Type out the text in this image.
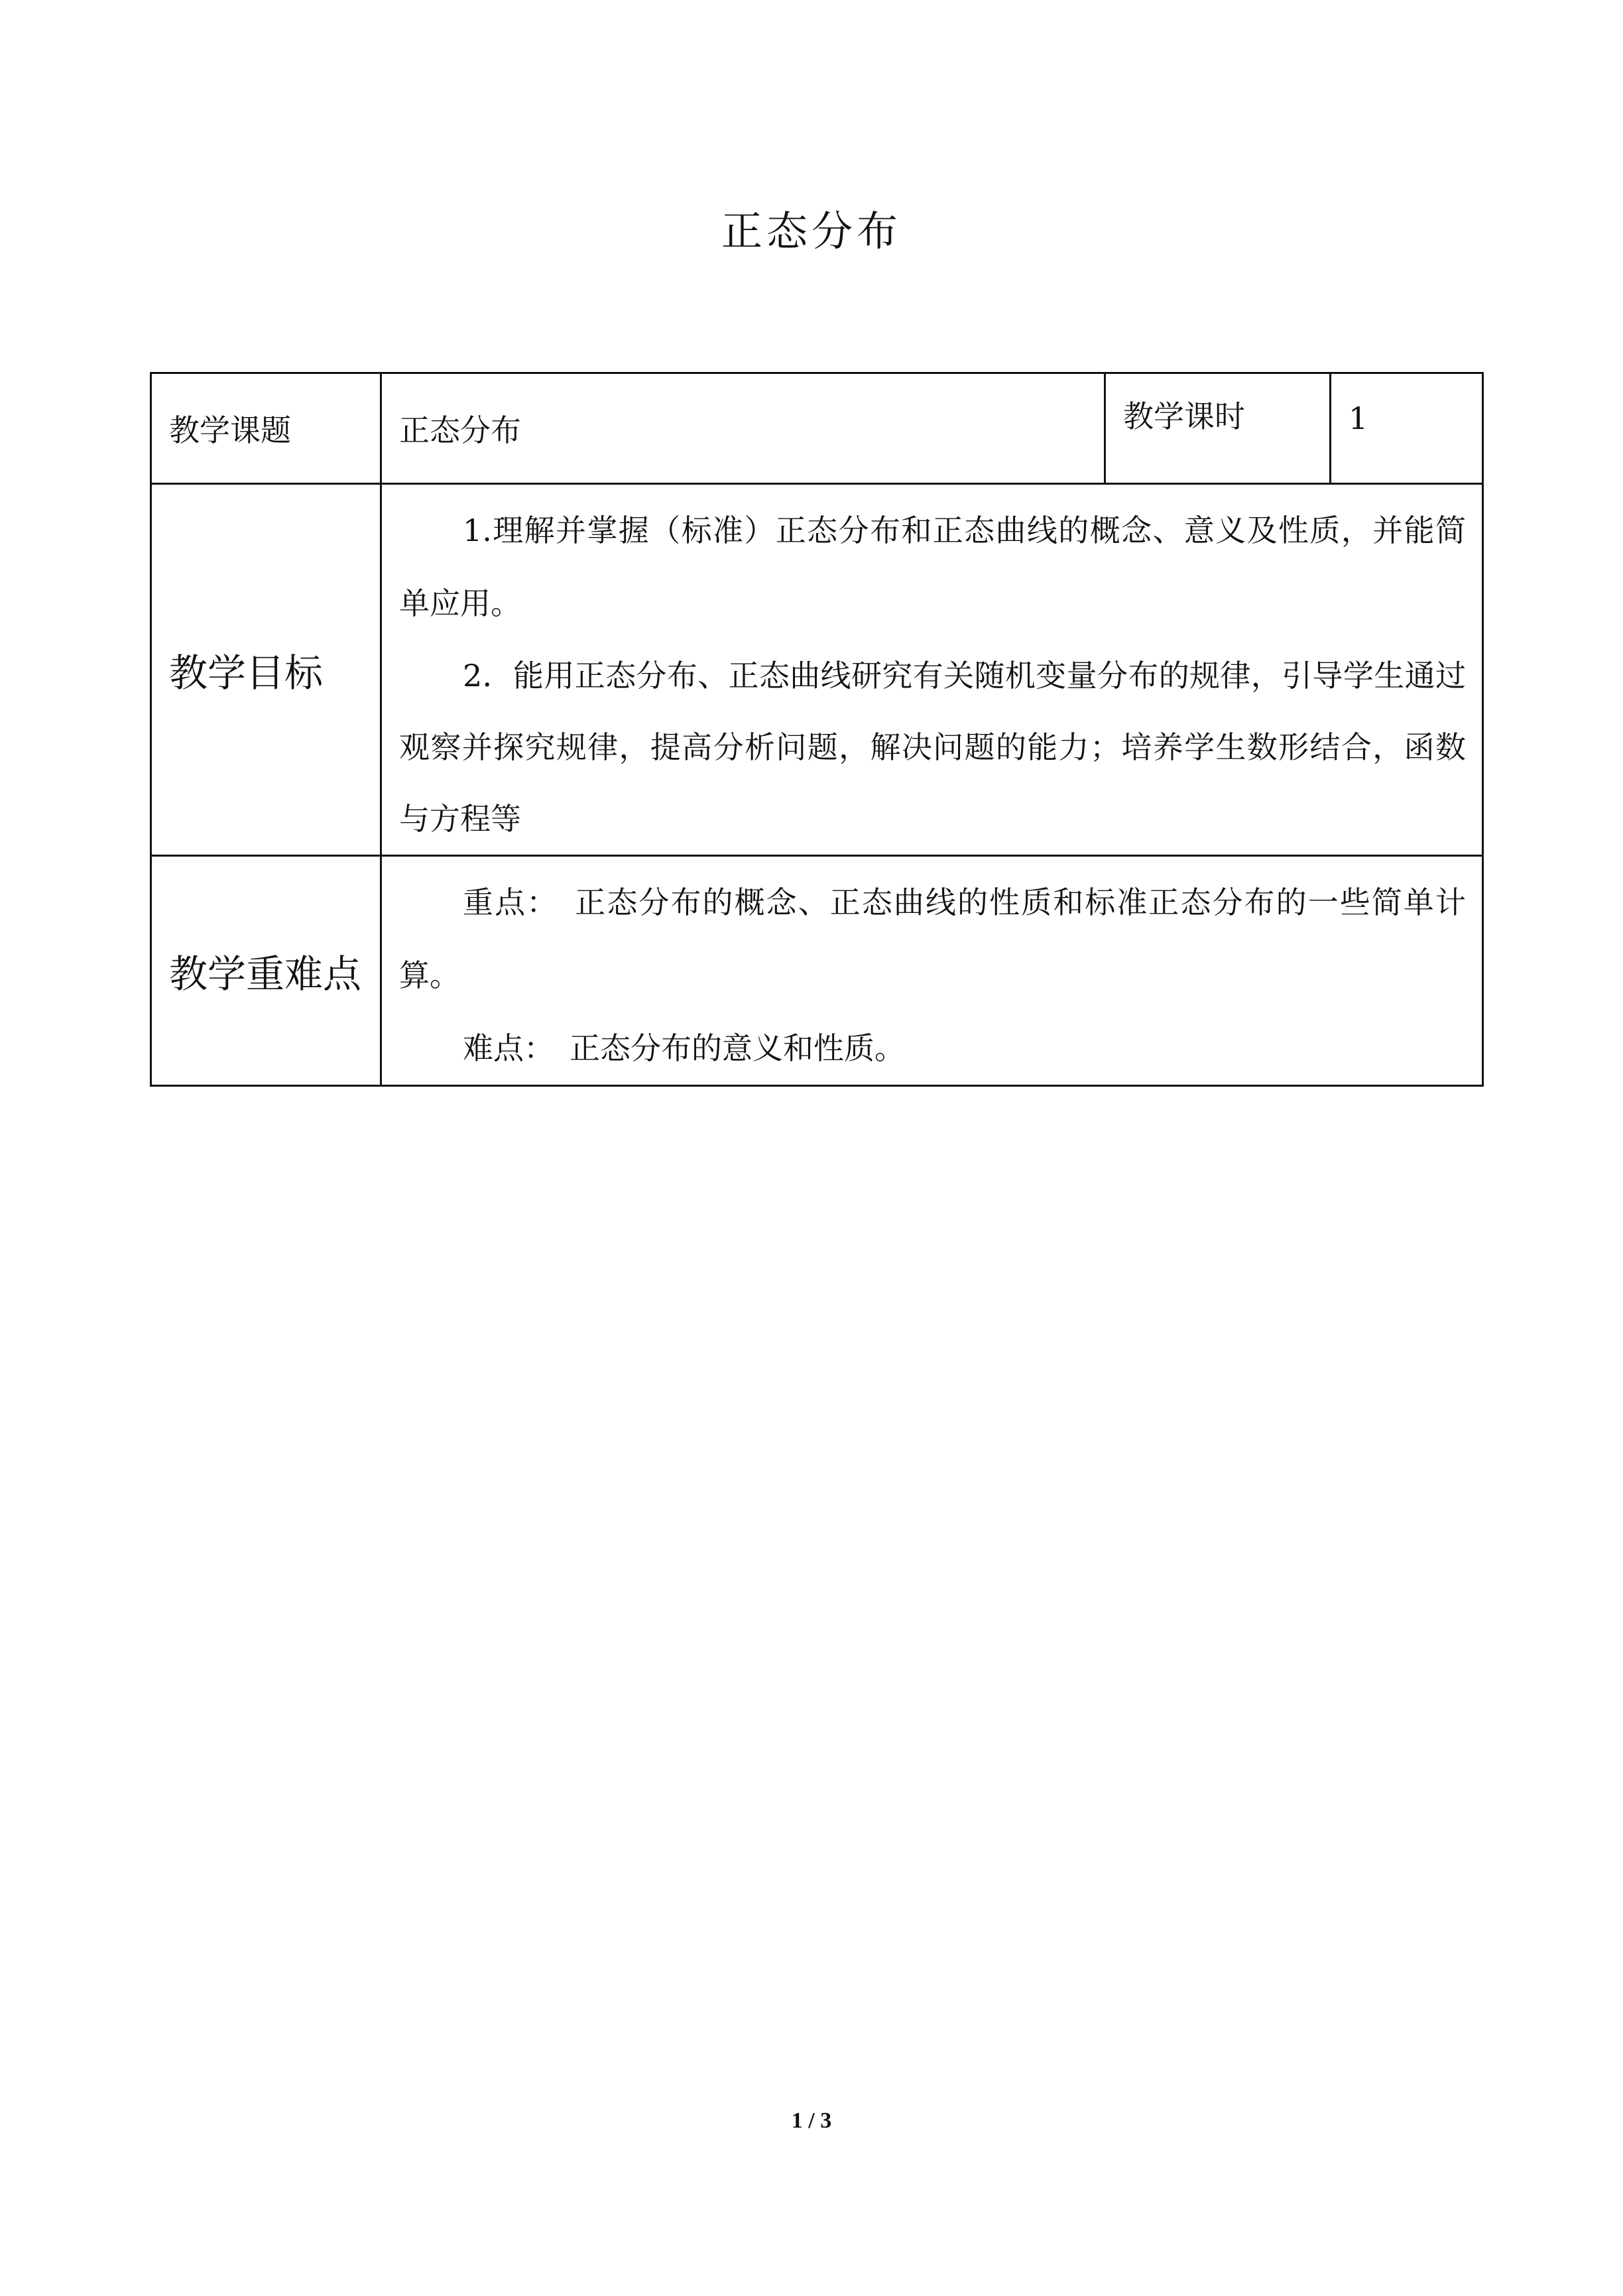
正态分布
教学课题	正态分布	教学课时	1
教学目标	1.理解并掌握（标准）正态分布和正态曲线的概念、意义及性质，并能简单应用。

2．能用正态分布、正态曲线研究有关随机变量分布的规律，引导学生通过观察并探究规律，提高分析问题，解决问题的能力；培养学生数形结合，函数与方程等		

教学重难点	重点：　正态分布的概念、正态曲线的性质和标准正态分布的一些简单计算。

难点：　正态分布的意义和性质。		

1 / 3
